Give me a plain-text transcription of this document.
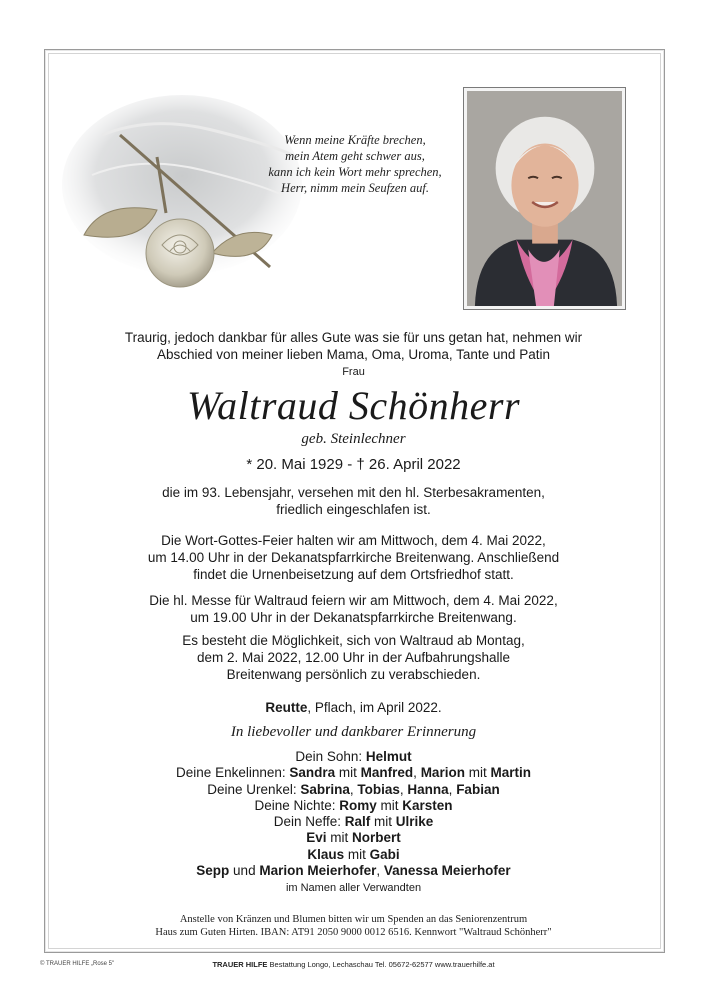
Wenn meine Kräfte brechen,
mein Atem geht schwer aus,
kann ich kein Wort mehr sprechen,
Herr, nimm mein Seufzen auf.
Traurig, jedoch dankbar für alles Gute was sie für uns getan hat, nehmen wir
Abschied von meiner lieben Mama, Oma, Uroma, Tante und Patin
Frau
Waltraud Schönherr
geb. Steinlechner
* 20. Mai 1929 - † 26. April 2022
die im 93. Lebensjahr, versehen mit den hl. Sterbesakramenten,
friedlich eingeschlafen ist.
Die Wort-Gottes-Feier halten wir am Mittwoch, dem 4. Mai 2022,
um 14.00 Uhr in der Dekanatspfarrkirche Breitenwang. Anschließend
findet die Urnenbeisetzung auf dem Ortsfriedhof statt.
Die hl. Messe für Waltraud feiern wir am Mittwoch, dem 4. Mai 2022,
um 19.00 Uhr in der Dekanatspfarrkirche Breitenwang.
Es besteht die Möglichkeit, sich von Waltraud ab Montag,
dem 2. Mai 2022, 12.00 Uhr in der Aufbahrungshalle
Breitenwang persönlich zu verabschieden.
Reutte, Pflach, im April 2022.
In liebevoller und dankbarer Erinnerung
Dein Sohn: Helmut
Deine Enkelinnen: Sandra mit Manfred, Marion mit Martin
Deine Urenkel: Sabrina, Tobias, Hanna, Fabian
Deine Nichte: Romy mit Karsten
Dein Neffe: Ralf mit Ulrike
Evi mit Norbert
Klaus mit Gabi
Sepp und Marion Meierhofer, Vanessa Meierhofer
im Namen aller Verwandten
Anstelle von Kränzen und Blumen bitten wir um Spenden an das Seniorenzentrum
Haus zum Guten Hirten. IBAN: AT91 2050 9000 0012 6516. Kennwort "Waltraud Schönherr"
© TRAUER HILFE „Rose 5"	TRAUER HILFE Bestattung Longo, Lechaschau Tel. 05672-62577 www.trauerhilfe.at
